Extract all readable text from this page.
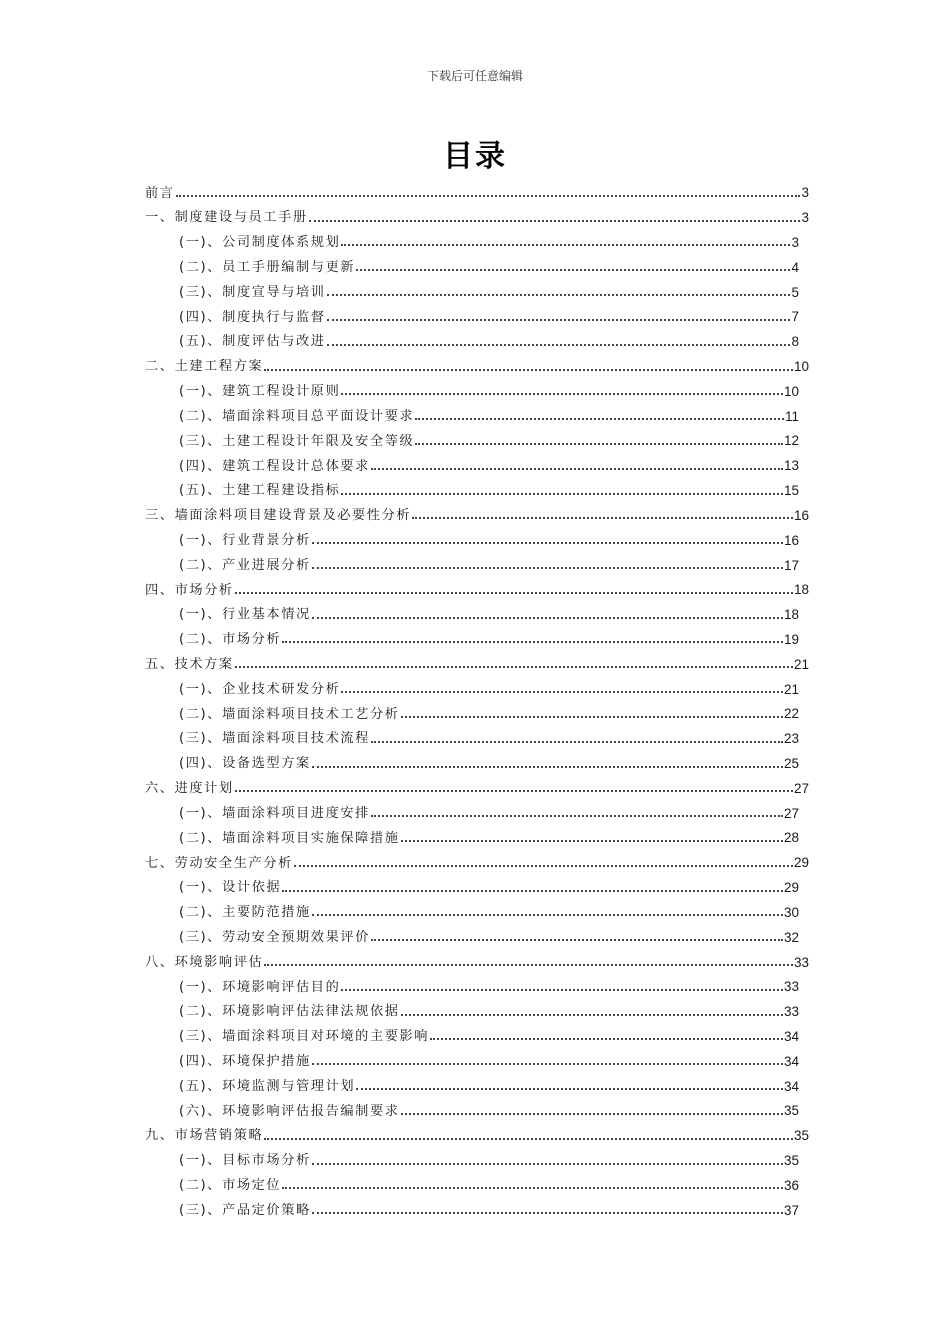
下载后可任意编辑
目录
前言	3
一、制度建设与员工手册	3
(一)、公司制度体系规划	3
(二)、员工手册编制与更新	4
(三)、制度宣导与培训	5
(四)、制度执行与监督	7
(五)、制度评估与改进	8
二、土建工程方案	10
(一)、建筑工程设计原则	10
(二)、墙面涂料项目总平面设计要求	11
(三)、土建工程设计年限及安全等级	12
(四)、建筑工程设计总体要求	13
(五)、土建工程建设指标	15
三、墙面涂料项目建设背景及必要性分析	16
(一)、行业背景分析	16
(二)、产业进展分析	17
四、市场分析	18
(一)、行业基本情况	18
(二)、市场分析	19
五、技术方案	21
(一)、企业技术研发分析	21
(二)、墙面涂料项目技术工艺分析	22
(三)、墙面涂料项目技术流程	23
(四)、设备选型方案	25
六、进度计划	27
(一)、墙面涂料项目进度安排	27
(二)、墙面涂料项目实施保障措施	28
七、劳动安全生产分析	29
(一)、设计依据	29
(二)、主要防范措施	30
(三)、劳动安全预期效果评价	32
八、环境影响评估	33
(一)、环境影响评估目的	33
(二)、环境影响评估法律法规依据	33
(三)、墙面涂料项目对环境的主要影响	34
(四)、环境保护措施	34
(五)、环境监测与管理计划	34
(六)、环境影响评估报告编制要求	35
九、市场营销策略	35
(一)、目标市场分析	35
(二)、市场定位	36
(三)、产品定价策略	37
